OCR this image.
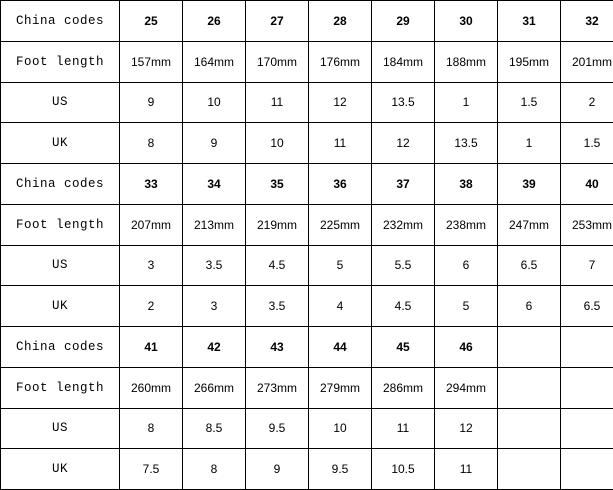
China codes	25	26	27	28	29	30	31	32
Foot length	157mm	164mm	170mm	176mm	184mm	188mm	195mm	201mm
US	9	10	11	12	13.5	1	1.5	2
UK	8	9	10	11	12	13.5	1	1.5
China codes	33	34	35	36	37	38	39	40
Foot length	207mm	213mm	219mm	225mm	232mm	238mm	247mm	253mm
US	3	3.5	4.5	5	5.5	6	6.5	7
UK	2	3	3.5	4	4.5	5	6	6.5
China codes	41	42	43	44	45	46		
Foot length	260mm	266mm	273mm	279mm	286mm	294mm		
US	8	8.5	9.5	10	11	12		
UK	7.5	8	9	9.5	10.5	11		
